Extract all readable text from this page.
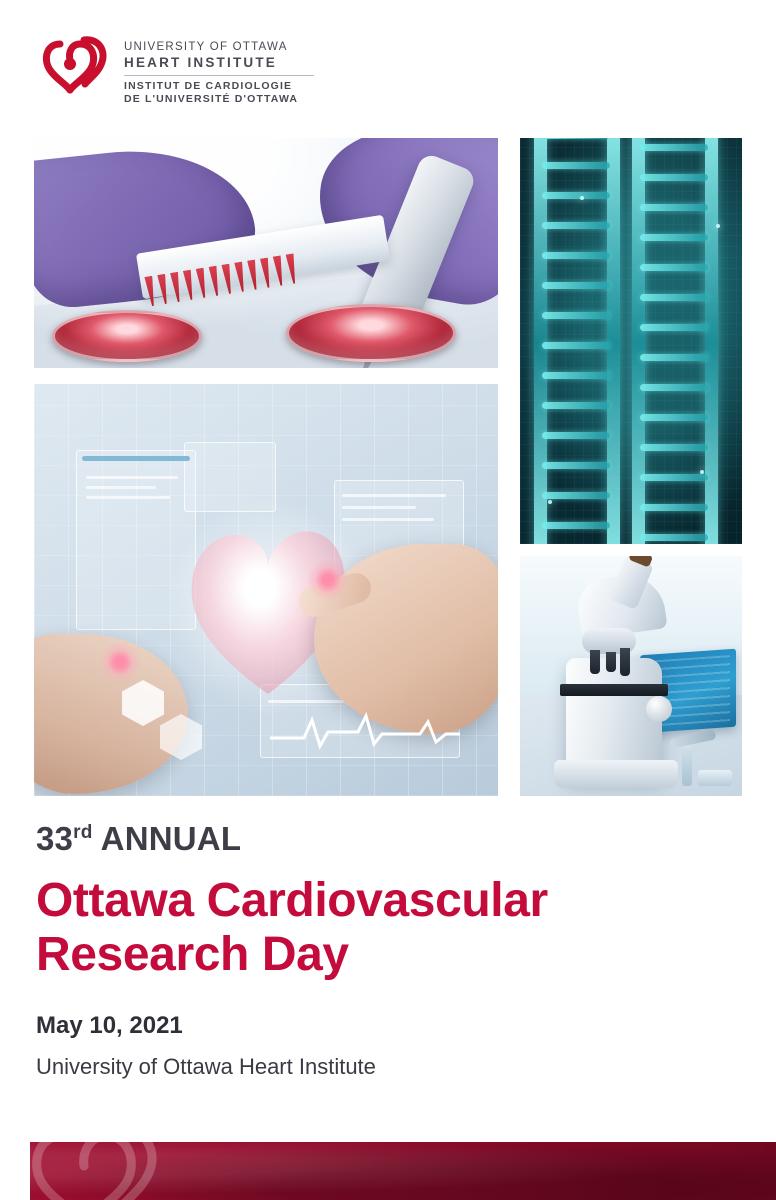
UNIVERSITY OF OTTAWA
HEART INSTITUTE
INSTITUT DE CARDIOLOGIE
DE L'UNIVERSITÉ D'OTTAWA
33rd ANNUAL
Ottawa Cardiovascular
Research Day
May 10, 2021
University of Ottawa Heart Institute
